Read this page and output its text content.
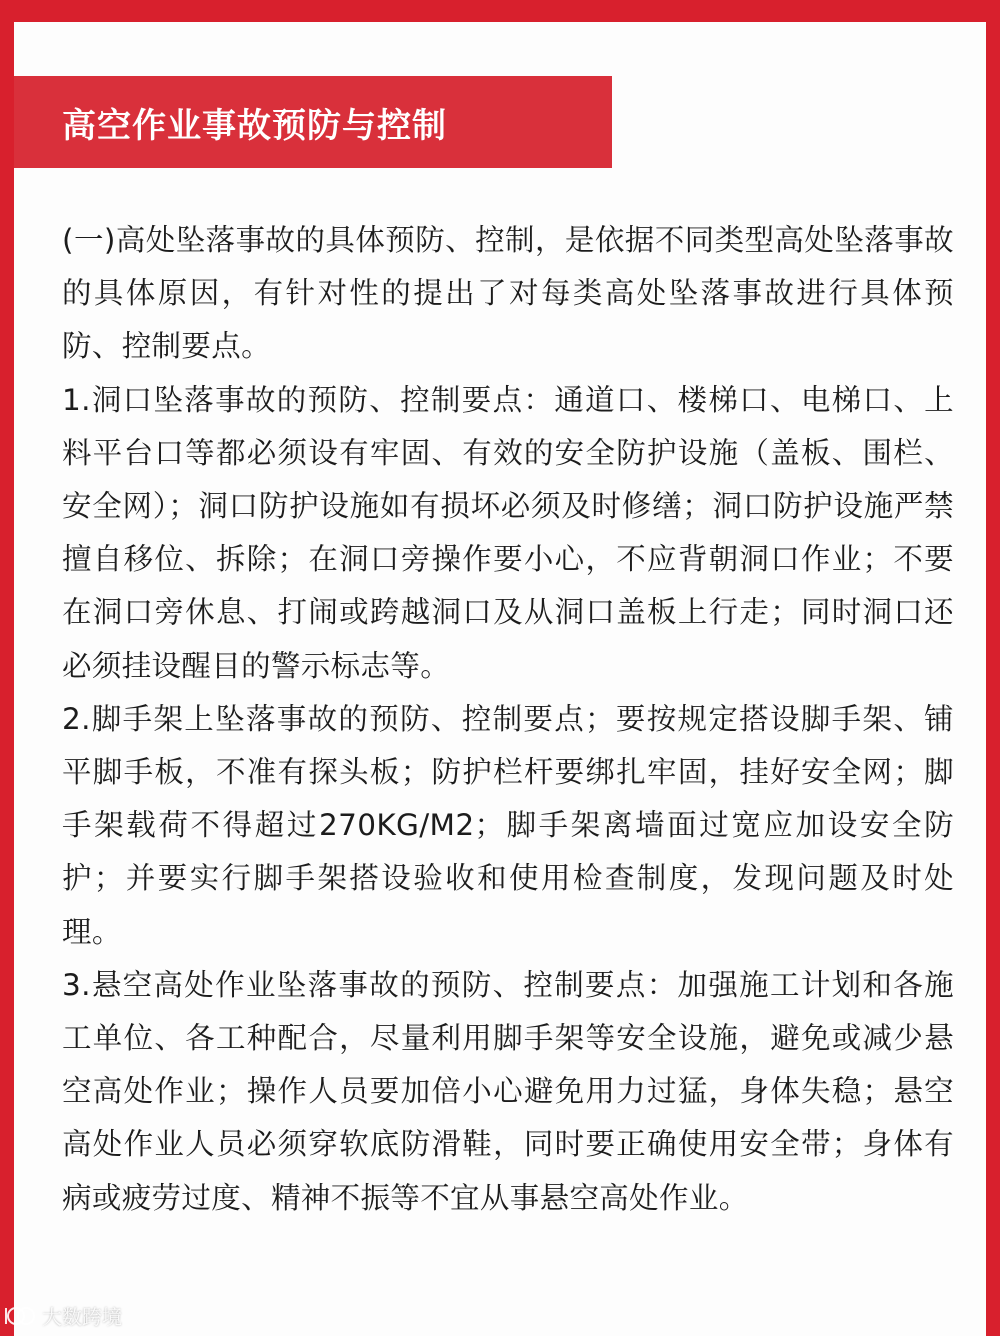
高空作业事故预防与控制

(一)高处坠落事故的具体预防、控制，是依据不同类型高处坠落事故的具体原因，有针对性的提出了对每类高处坠落事故进行具体预防、控制要点。

1.洞口坠落事故的预防、控制要点：通道口、楼梯口、电梯口、上料平台口等都必须设有牢固、有效的安全防护设施（盖板、围栏、安全网）；洞口防护设施如有损坏必须及时修缮；洞口防护设施严禁擅自移位、拆除；在洞口旁操作要小心，不应背朝洞口作业；不要在洞口旁休息、打闹或跨越洞口及从洞口盖板上行走；同时洞口还必须挂设醒目的警示标志等。

2.脚手架上坠落事故的预防、控制要点；要按规定搭设脚手架、铺平脚手板，不准有探头板；防护栏杆要绑扎牢固，挂好安全网；脚手架载荷不得超过270KG/M2；脚手架离墙面过宽应加设安全防护；并要实行脚手架搭设验收和使用检查制度，发现问题及时处理。

3.悬空高处作业坠落事故的预防、控制要点：加强施工计划和各施工单位、各工种配合，尽量利用脚手架等安全设施，避免或减少悬空高处作业；操作人员要加倍小心避免用力过猛，身体失稳；悬空高处作业人员必须穿软底防滑鞋，同时要正确使用安全带；身体有病或疲劳过度、精神不振等不宜从事悬空高处作业。

大数跨境
